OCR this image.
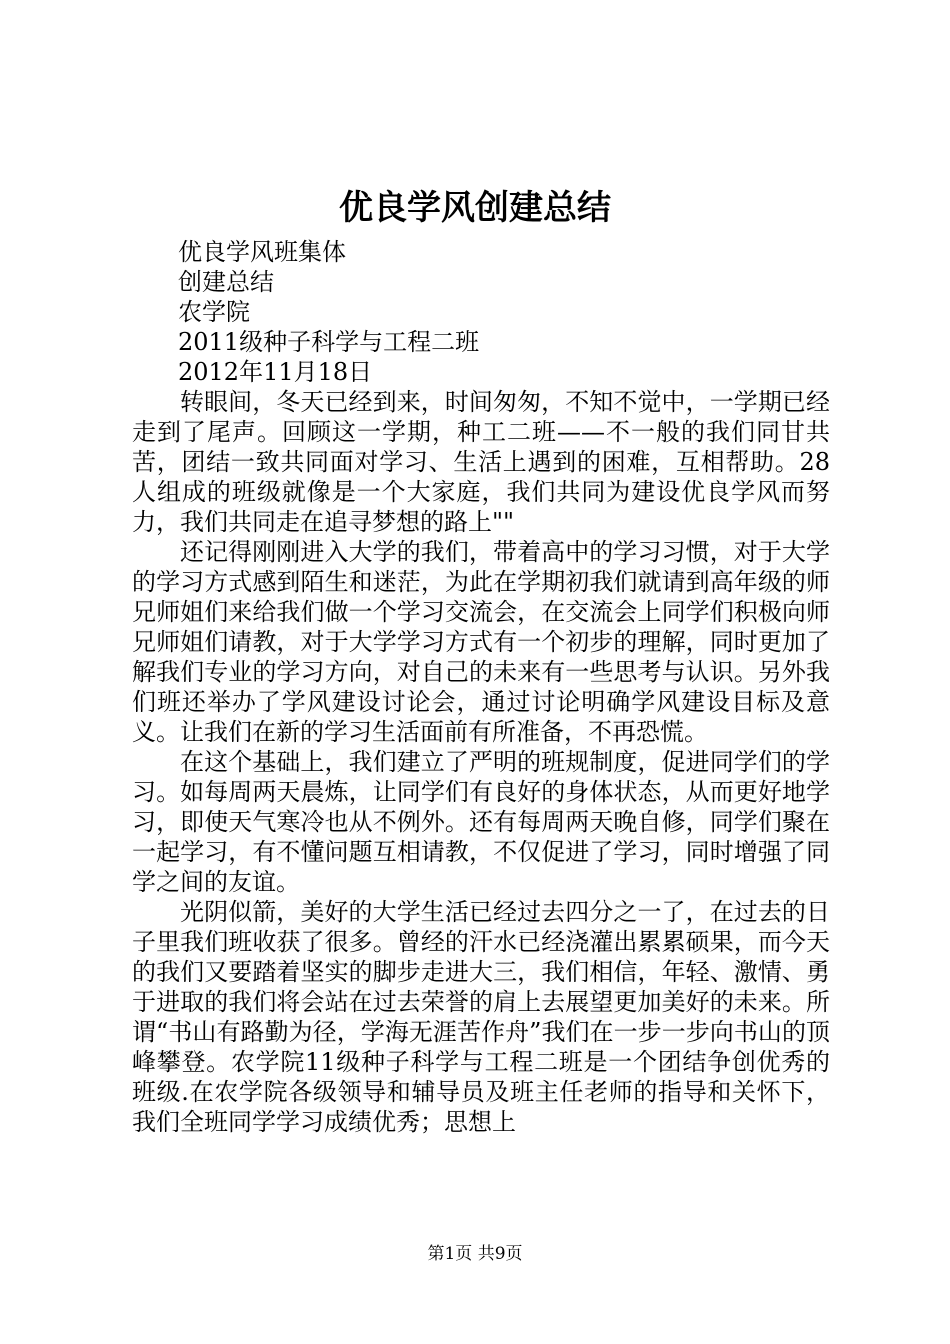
优良学风创建总结

优良学风班集体

创建总结

农学院

2011级种子科学与工程二班

2012年11月18日

转眼间，冬天已经到来，时间匆匆，不知不觉中，一学期已经走到了尾声。回顾这一学期，种工二班——不一般的我们同甘共苦，团结一致共同面对学习、生活上遇到的困难，互相帮助。28人组成的班级就像是一个大家庭，我们共同为建设优良学风而努力，我们共同走在追寻梦想的路上""

还记得刚刚进入大学的我们，带着高中的学习习惯，对于大学的学习方式感到陌生和迷茫，为此在学期初我们就请到高年级的师兄师姐们来给我们做一个学习交流会，在交流会上同学们积极向师兄师姐们请教，对于大学学习方式有一个初步的理解，同时更加了解我们专业的学习方向，对自己的未来有一些思考与认识。另外我们班还举办了学风建设讨论会，通过讨论明确学风建设目标及意义。让我们在新的学习生活面前有所准备，不再恐慌。

在这个基础上，我们建立了严明的班规制度，促进同学们的学习。如每周两天晨炼，让同学们有良好的身体状态，从而更好地学习，即使天气寒冷也从不例外。还有每周两天晚自修，同学们聚在一起学习，有不懂问题互相请教，不仅促进了学习，同时增强了同学之间的友谊。

光阴似箭，美好的大学生活已经过去四分之一了，在过去的日子里我们班收获了很多。曾经的汗水已经浇灌出累累硕果，而今天的我们又要踏着坚实的脚步走进大三，我们相信，年轻、激情、勇于进取的我们将会站在过去荣誉的肩上去展望更加美好的未来。所谓“书山有路勤为径，学海无涯苦作舟”我们在一步一步向书山的顶峰攀登。农学院11级种子科学与工程二班是一个团结争创优秀的班级.在农学院各级领导和辅导员及班主任老师的指导和关怀下，我们全班同学学习成绩优秀；思想上

第1页 共9页
